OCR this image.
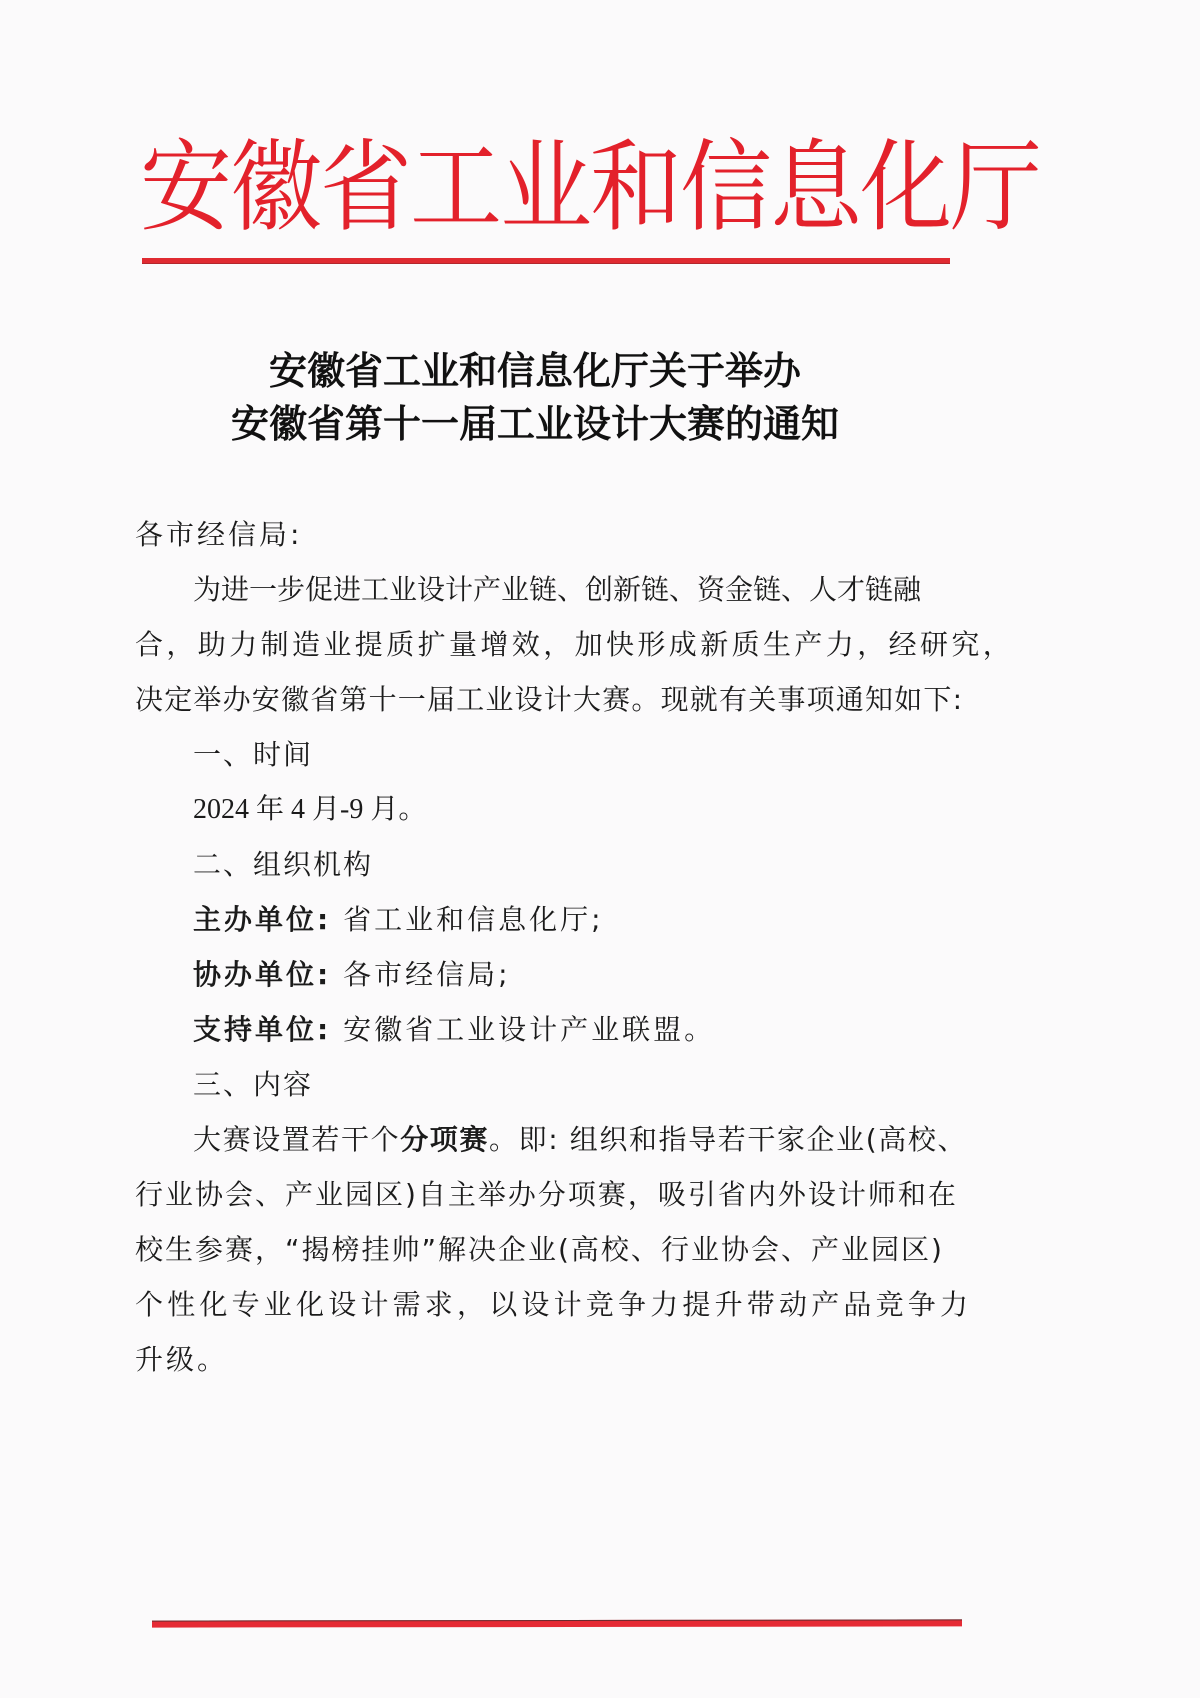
安
徽
省
工
业
和
信
息
化
厅
安徽省工业和信息化厅关于举办
安徽省第十一届工业设计大赛的通知
各市经信局:
为进一步促进工业设计产业链、创新链、资金链、人才链融
合，助力制造业提质扩量增效，加快形成新质生产力，经研究，
决定举办安徽省第十一届工业设计大赛。现就有关事项通知如下:
一、时间
2024 年 4 月-9 月。
二、组织机构
主办单位: 省工业和信息化厅;
协办单位: 各市经信局;
支持单位: 安徽省工业设计产业联盟。
三、内容
大赛设置若干个分项赛。即: 组织和指导若干家企业(高校、
行业协会、产业园区)自主举办分项赛，吸引省内外设计师和在
校生参赛，“揭榜挂帅”解决企业(高校、行业协会、产业园区)
个性化专业化设计需求，以设计竞争力提升带动产品竞争力
升级。
